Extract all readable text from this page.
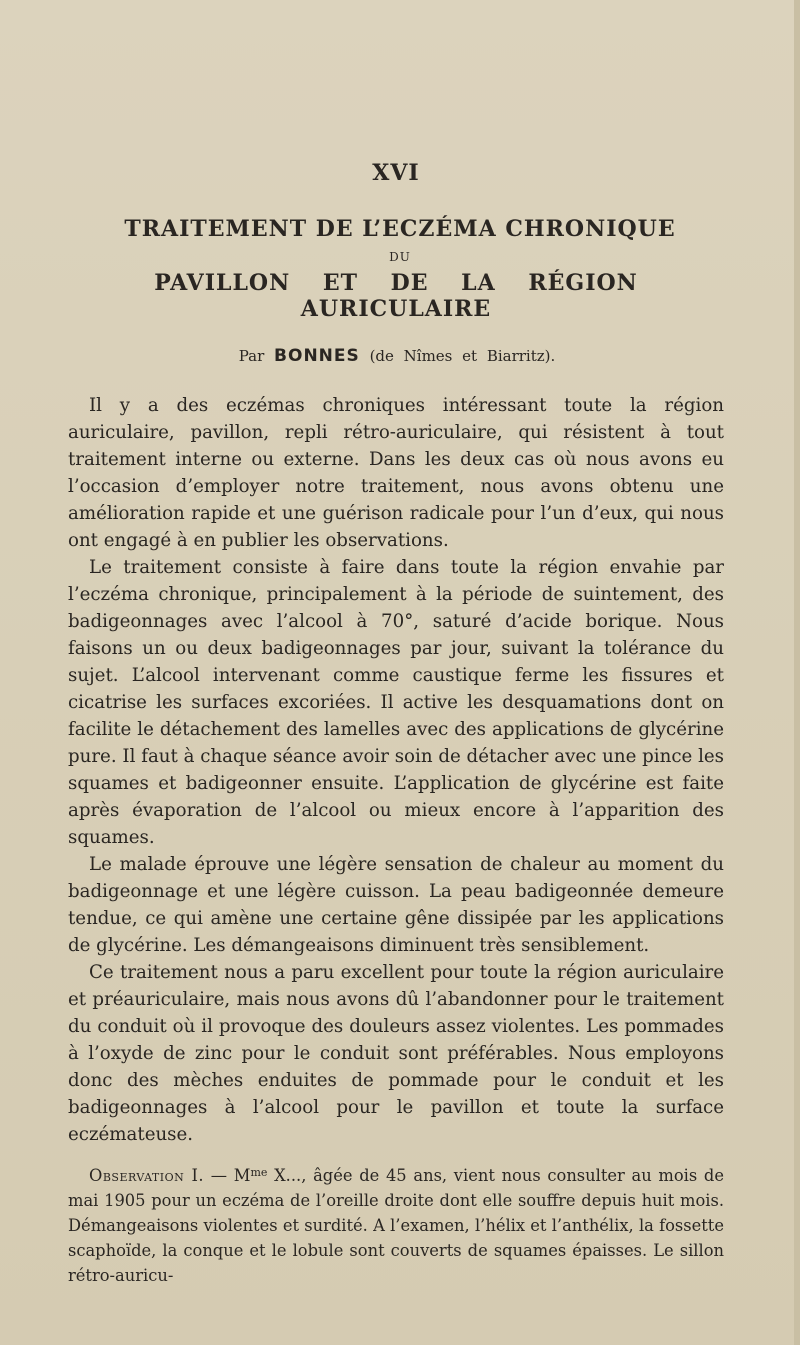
XVI
TRAITEMENT DE L’ECZÉMA CHRONIQUE
DU
PAVILLON ET DE LA RÉGION AURICULAIRE

Par BONNES (de Nîmes et Biarritz).

Il y a des eczémas chroniques intéressant toute la région auriculaire, pavillon, repli rétro-auriculaire, qui résistent à tout traitement interne ou externe. Dans les deux cas où nous avons eu l’occasion d’employer notre traitement, nous avons obtenu une amélioration rapide et une guérison radicale pour l’un d’eux, qui nous ont engagé à en publier les observations.

Le traitement consiste à faire dans toute la région envahie par l’eczéma chronique, principalement à la période de suintement, des badigeonnages avec l’alcool à 70°, saturé d’acide borique. Nous faisons un ou deux badigeonnages par jour, suivant la tolérance du sujet. L’alcool intervenant comme caustique ferme les fissures et cicatrise les surfaces excoriées. Il active les desquamations dont on facilite le détachement des lamelles avec des applications de glycérine pure. Il faut à chaque séance avoir soin de détacher avec une pince les squames et badigeonner ensuite. L’application de glycérine est faite après évaporation de l’alcool ou mieux encore à l’apparition des squames.

Le malade éprouve une légère sensation de chaleur au moment du badigeonnage et une légère cuisson. La peau badigeonnée demeure tendue, ce qui amène une certaine gêne dissipée par les applications de glycérine. Les démangeaisons diminuent très sensiblement.

Ce traitement nous a paru excellent pour toute la région auriculaire et préauriculaire, mais nous avons dû l’abandonner pour le traitement du conduit où il provoque des douleurs assez violentes. Les pommades à l’oxyde de zinc pour le conduit sont préférables. Nous employons donc des mèches enduites de pommade pour le conduit et les badigeonnages à l’alcool pour le pavillon et toute la surface eczémateuse.

Observation I. — $M^{me}$ X..., âgée de 45 ans, vient nous consulter au mois de mai 1905 pour un eczéma de l’oreille droite dont elle souffre depuis huit mois. Démangeaisons violentes et surdité. A l’examen, l’hélix et l’anthélix, la fossette scaphoïde, la conque et le lobule sont couverts de squames épaisses. Le sillon rétro-auricu-
